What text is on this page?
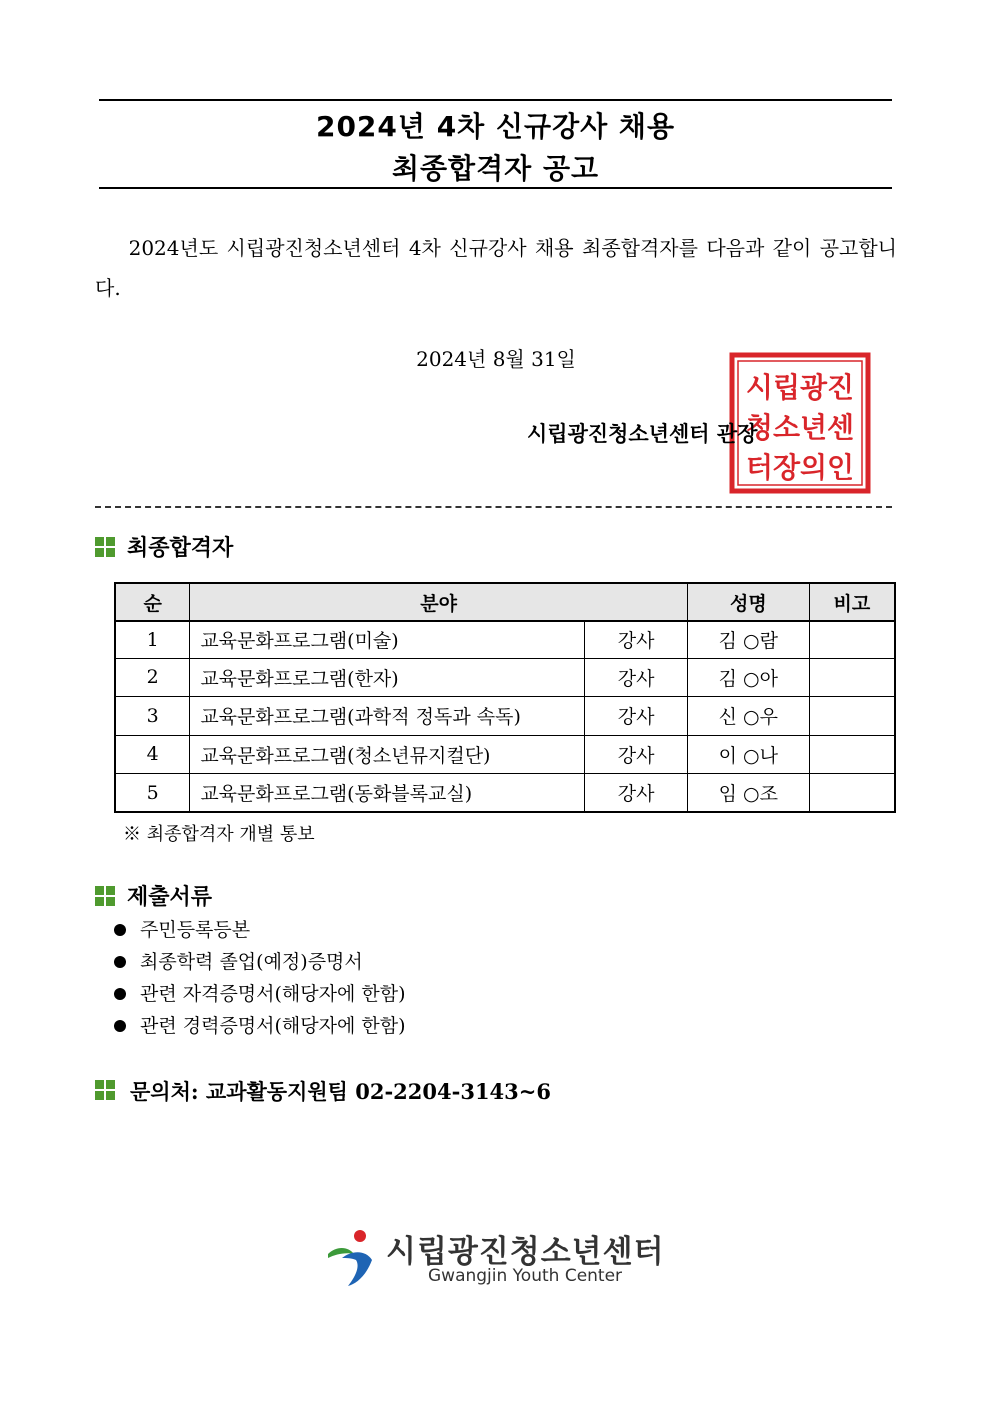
2024년 4차 신규강사 채용
최종합격자 공고

2024년도 시립광진청소년센터 4차 신규강사 채용 최종합격자를 다음과 같이 공고합니다.

2024년 8월 31일
시립광진
청소년센
터장의인
시립광진청소년센터 관장
최종합격자
순	분야		성명	비고
1	교육문화프로그램(미술)	강사	김 ○람	
2	교육문화프로그램(한자)	강사	김 ○아	
3	교육문화프로그램(과학적 정독과 속독)	강사	신 ○우	
4	교육문화프로그램(청소년뮤지컬단)	강사	이 ○나	
5	교육문화프로그램(동화블록교실)	강사	임 ○조	
※ 최종합격자 개별 통보
제출서류
주민등록등본
최종학력 졸업(예정)증명서
관련 자격증명서(해당자에 한함)
관련 경력증명서(해당자에 한함)
문의처: 교과활동지원팀 02-2204-3143~6
시립광진청소년센터
Gwangjin Youth Center
